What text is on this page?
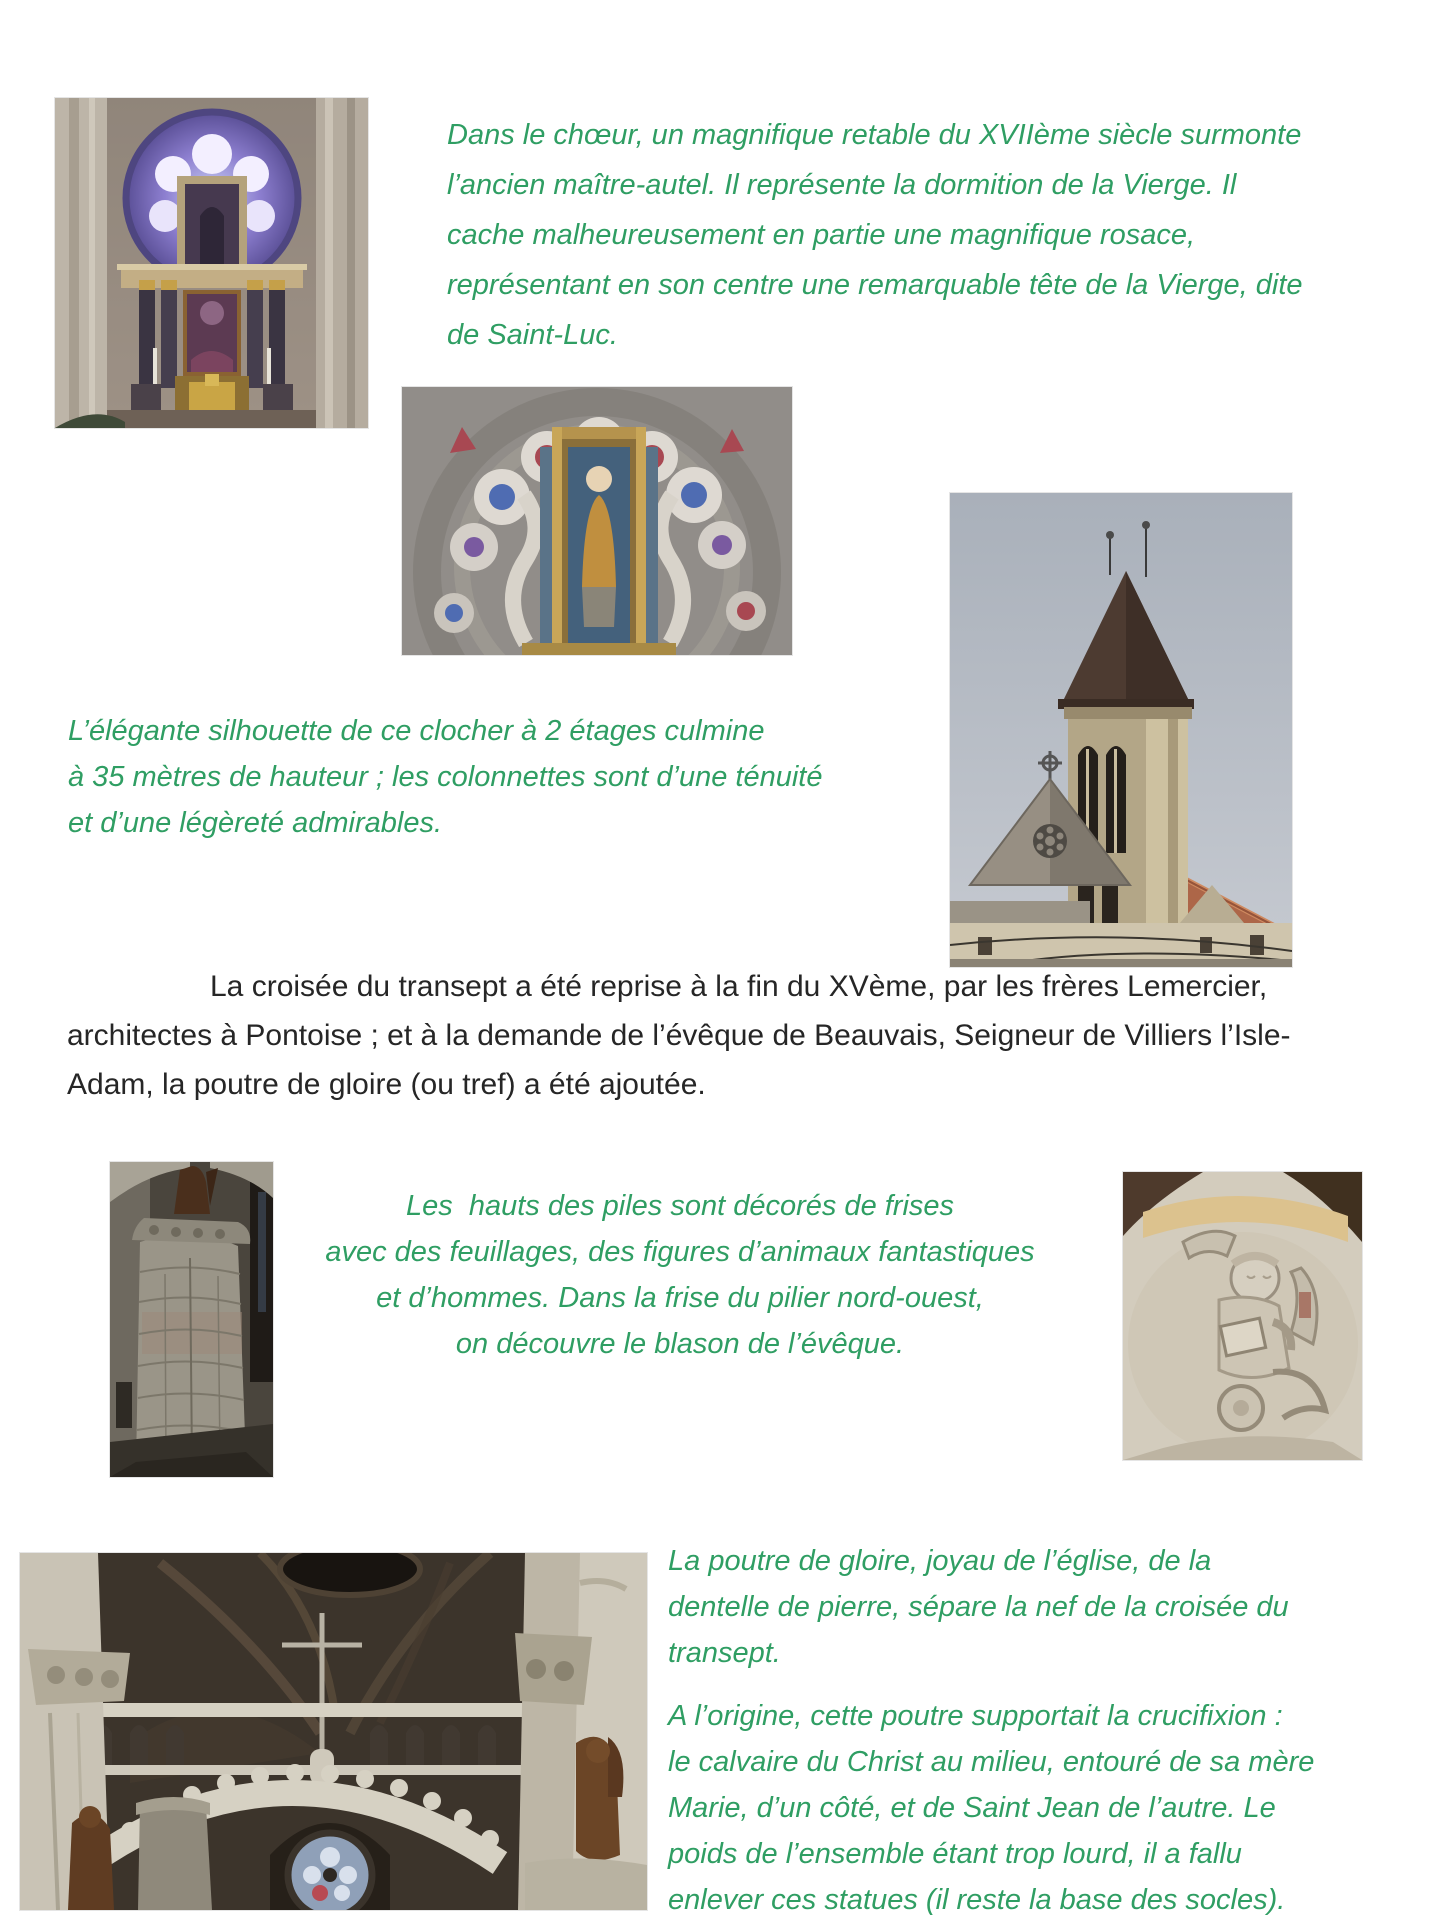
Dans le chœur, un magnifique retable du XVIIème siècle surmonte
l’ancien maître-autel. Il représente la dormition de la Vierge. Il
cache malheureusement en partie une magnifique rosace,
représentant en son centre une remarquable tête de la Vierge, dite
de Saint-Luc.
L’élégante silhouette de ce clocher à 2 étages culmine
à 35 mètres de hauteur ; les colonnettes sont d’une ténuité
et d’une légèreté admirables.
La croisée du transept a été reprise à la fin du XVème, par les frères Lemercier,
architectes à Pontoise ; et à la demande de l’évêque de Beauvais, Seigneur de Villiers l’Isle-
Adam, la poutre de gloire (ou tref) a été ajoutée.
Les  hauts des piles sont décorés de frises
avec des feuillages, des figures d’animaux fantastiques
et d’hommes. Dans la frise du pilier nord-ouest,
on découvre le blason de l’évêque.
La poutre de gloire, joyau de l’église, de la
dentelle de pierre, sépare la nef de la croisée du
transept.
A l’origine, cette poutre supportait la crucifixion :
le calvaire du Christ au milieu, entouré de sa mère
Marie, d’un côté, et de Saint Jean de l’autre. Le
poids de l’ensemble étant trop lourd, il a fallu
enlever ces statues (il reste la base des socles).
